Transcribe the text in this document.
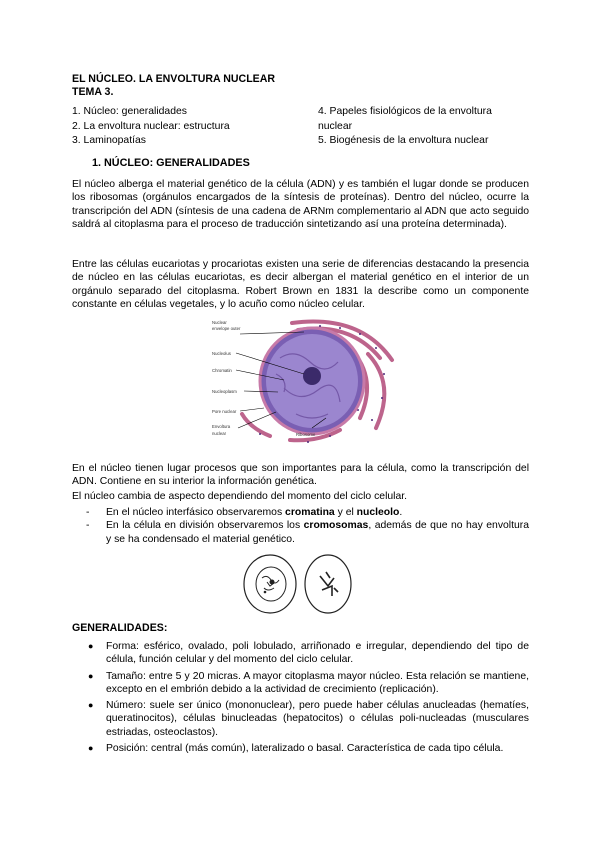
EL NÚCLEO. LA ENVOLTURA NUCLEAR
TEMA 3.
1. Núcleo: generalidades
2. La envoltura nuclear: estructura
3. Laminopatías
4. Papeles fisiológicos de la envoltura
nuclear
5. Biogénesis de la envoltura nuclear
1. NÚCLEO: GENERALIDADES
El núcleo alberga el material genético de la célula (ADN) y es también el lugar donde se producen los ribosomas (orgánulos encargados de la síntesis de proteínas). Dentro del núcleo, ocurre la transcripción del ADN (síntesis de una cadena de ARNm complementario al ADN que acto seguido saldrá al citoplasma para el proceso de traducción sintetizando así una proteína determinada).
Entre las células eucariotas y procariotas existen una serie de diferencias destacando la presencia de núcleo en las células eucariotas, es decir albergan el material genético en el interior de un orgánulo separado del citoplasma. Robert Brown en 1831 la describe como un componente constante en células vegetales, y lo acuño como núcleo celular.
Nuclear
envelope outer
Nucleolus
Chromatin
Nucleoplasm
Pore nuclear
Envoltura
nuclear	Ribosome
En el núcleo tienen lugar procesos que son importantes para la célula, como la transcripción del ADN. Contiene en su interior la información genética.
El núcleo cambia de aspecto dependiendo del momento del ciclo celular.
- En el núcleo interfásico observaremos cromatina y el nucleolo.
- En la célula en división observaremos los cromosomas, además de que no hay envoltura y se ha condensado el material genético.
GENERALIDADES:
● Forma: esférico, ovalado, poli lobulado, arriñonado e irregular, dependiendo del tipo de célula, función celular y del momento del ciclo celular.
● Tamaño: entre 5 y 20 micras. A mayor citoplasma mayor núcleo. Esta relación se mantiene, excepto en el embrión debido a la actividad de crecimiento (replicación).
● Número: suele ser único (mononuclear), pero puede haber células anucleadas (hematíes, queratinocitos), células binucleadas (hepatocitos) o células poli-nucleadas (musculares estriadas, osteoclastos).
● Posición: central (más común), lateralizado o basal. Característica de cada tipo célula.
